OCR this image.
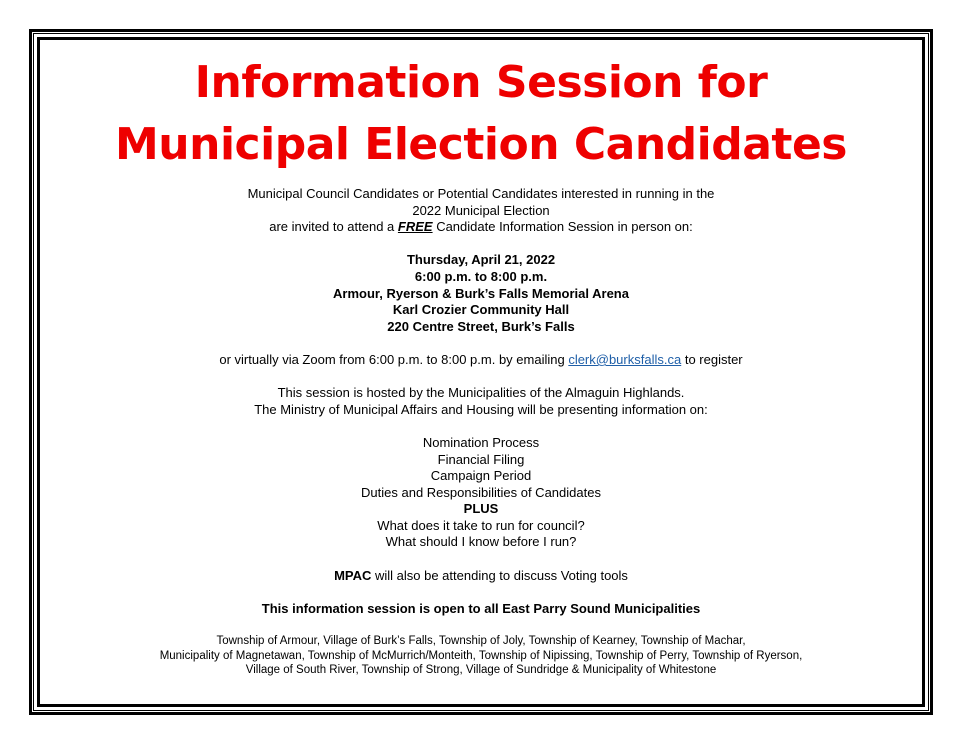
Information Session for
Municipal Election Candidates

Municipal Council Candidates or Potential Candidates interested in running in the

2022 Municipal Election

are invited to attend a FREE Candidate Information Session in person on:

Thursday, April 21, 2022

6:00 p.m. to 8:00 p.m.

Armour, Ryerson & Burk’s Falls Memorial Arena

Karl Crozier Community Hall

220 Centre Street, Burk’s Falls

or virtually via Zoom from 6:00 p.m. to 8:00 p.m. by emailing clerk@burksfalls.ca to register

This session is hosted by the Municipalities of the Almaguin Highlands.

The Ministry of Municipal Affairs and Housing will be presenting information on:

Nomination Process

Financial Filing

Campaign Period

Duties and Responsibilities of Candidates

PLUS

What does it take to run for council?

What should I know before I run?

MPAC will also be attending to discuss Voting tools

This information session is open to all East Parry Sound Municipalities

Township of Armour, Village of Burk’s Falls, Township of Joly, Township of Kearney, Township of Machar,

Municipality of Magnetawan, Township of McMurrich/Monteith, Township of Nipissing, Township of Perry, Township of Ryerson,

Village of South River, Township of Strong, Village of Sundridge & Municipality of Whitestone
